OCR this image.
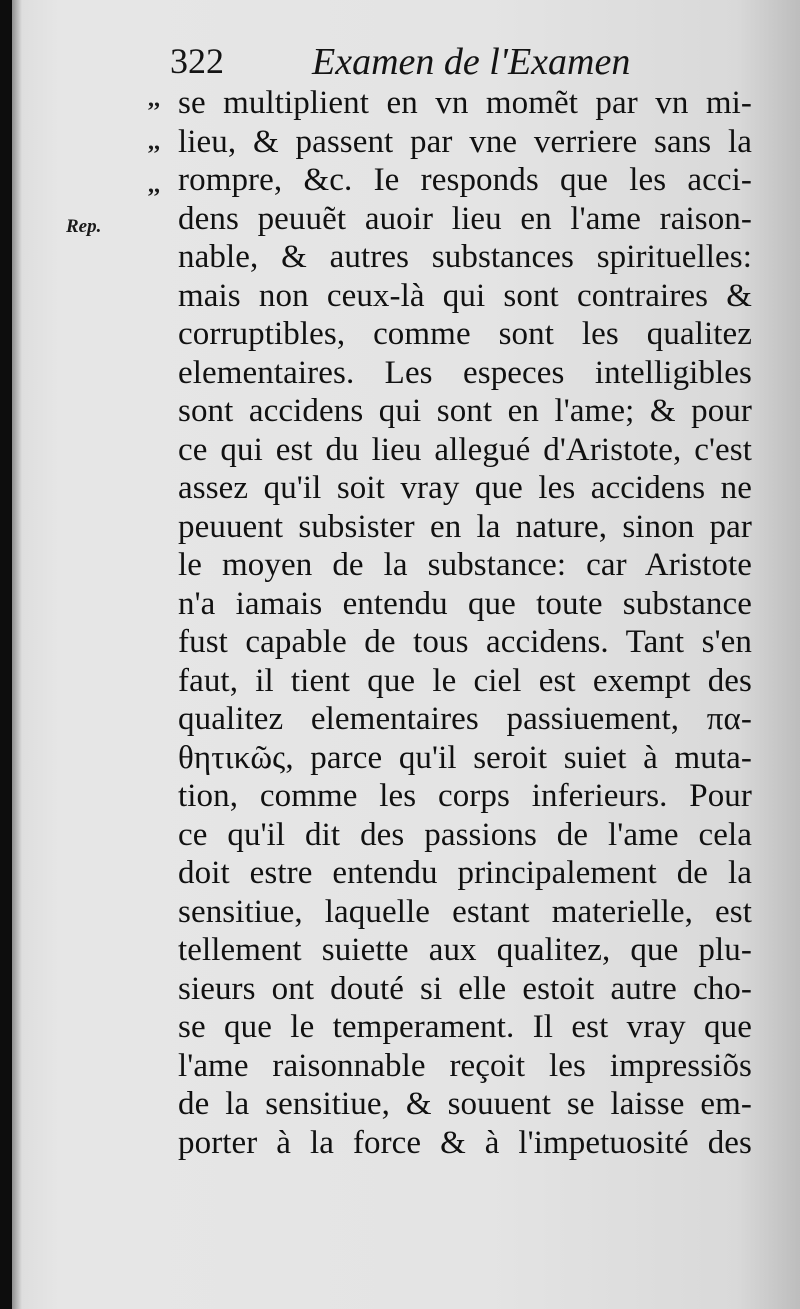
322 Examen de l'Examen
Rep.
,,
,,
,,
se multiplient en vn momẽt par vn mi-
lieu, & passent par vne verriere sans la
rompre, &c. Ie responds que les acci-
dens peuuẽt auoir lieu en l'ame raison-
nable, & autres substances spirituelles:
mais non ceux-là qui sont contraires &
corruptibles, comme sont les qualitez
elementaires. Les especes intelligibles
sont accidens qui sont en l'ame; & pour
ce qui est du lieu allegué d'Aristote, c'est
assez qu'il soit vray que les accidens ne
peuuent subsister en la nature, sinon par
le moyen de la substance: car Aristote
n'a iamais entendu que toute substance
fust capable de tous accidens. Tant s'en
faut, il tient que le ciel est exempt des
qualitez elementaires passiuement, πα-
θητικῶς, parce qu'il seroit suiet à muta-
tion, comme les corps inferieurs. Pour
ce qu'il dit des passions de l'ame cela
doit estre entendu principalement de la
sensitiue, laquelle estant materielle, est
tellement suiette aux qualitez, que plu-
sieurs ont douté si elle estoit autre cho-
se que le temperament. Il est vray que
l'ame raisonnable reçoit les impressiõs
de la sensitiue, & souuent se laisse em-
porter à la force & à l'impetuosité des
